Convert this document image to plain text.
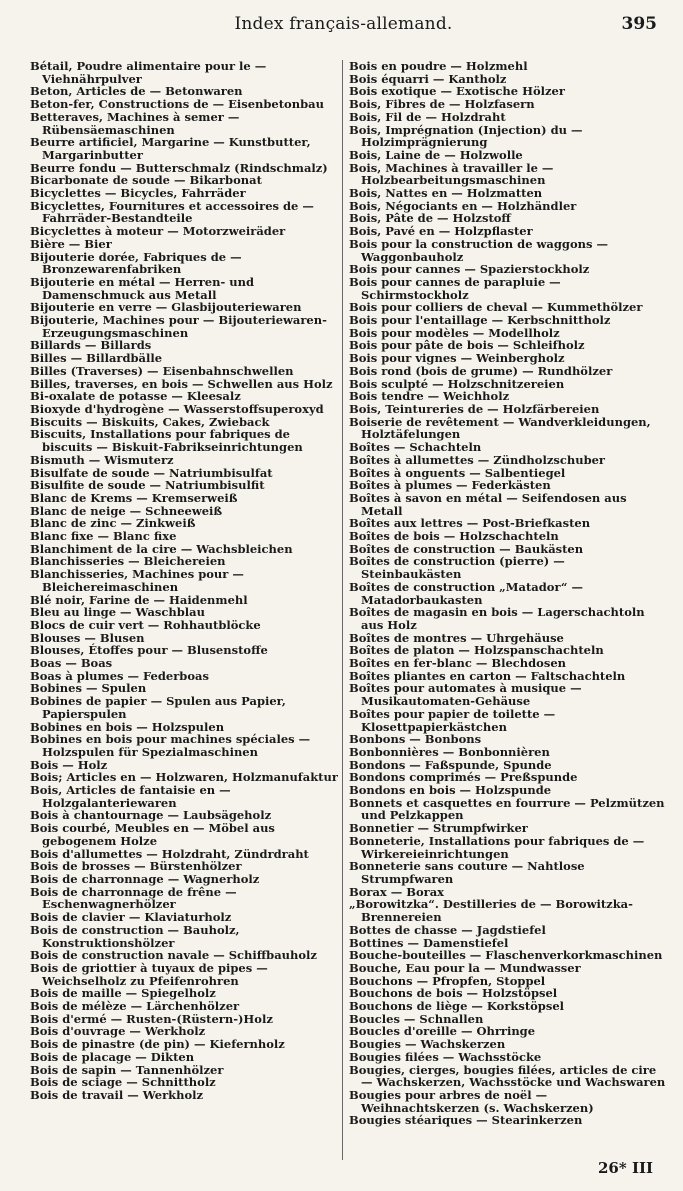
Index français-allemand.	395
Bétail, Poudre alimentaire pour le — Viehnährpulver
Beton, Articles de — Betonwaren
Beton-fer, Constructions de — Eisenbetonbau
Betteraves, Machines à semer — Rübensäemaschinen
Beurre artificiel, Margarine — Kunstbutter, Margarinbutter
Beurre fondu — Butterschmalz (Rindschmalz)
Bicarbonate de soude — Bikarbonat
Bicyclettes — Bicycles, Fahrräder
Bicyclettes, Fournitures et accessoires de — Fahrräder-Bestandteile
Bicyclettes à moteur — Motorzweiräder
Bière — Bier
Bijouterie dorée, Fabriques de — Bronzewarenfabriken
Bijouterie en métal — Herren- und Damenschmuck aus Metall
Bijouterie en verre — Glasbijouteriewaren
Bijouterie, Machines pour — Bijouteriewaren-Erzeugungsmaschinen
Billards — Billards
Billes — Billardbälle
Billes (Traverses) — Eisenbahnschwellen
Billes, traverses, en bois — Schwellen aus Holz
Bi-oxalate de potasse — Kleesalz
Bioxyde d'hydrogène — Wasserstoffsuperoxyd
Biscuits — Biskuits, Cakes, Zwieback
Biscuits, Installations pour fabriques de biscuits — Biskuit-Fabrikseinrichtungen
Bismuth — Wismuterz
Bisulfate de soude — Natriumbisulfat
Bisulfite de soude — Natriumbisulfit
Blanc de Krems — Kremserweiß
Blanc de neige — Schneeweiß
Blanc de zinc — Zinkweiß
Blanc fixe — Blanc fixe
Blanchiment de la cire — Wachsbleichen
Blanchisseries — Bleichereien
Blanchisseries, Machines pour — Bleichereimaschinen
Blé noir, Farine de — Haidenmehl
Bleu au linge — Waschblau
Blocs de cuir vert — Rohhautblöcke
Blouses — Blusen
Blouses, Étoffes pour — Blusenstoffe
Boas — Boas
Boas à plumes — Federboas
Bobines — Spulen
Bobines de papier — Spulen aus Papier, Papierspulen
Bobines en bois — Holzspulen
Bobines en bois pour machines spéciales — Holzspulen für Spezialmaschinen
Bois — Holz
Bois; Articles en — Holzwaren, Holzmanufaktur
Bois, Articles de fantaisie en — Holzgalanteriewaren
Bois à chantournage — Laubsägeholz
Bois courbé, Meubles en — Möbel aus gebogenem Holze
Bois d'allumettes — Holzdraht, Zündrdraht
Bois de brosses — Bürstenhölzer
Bois de charronnage — Wagnerholz
Bois de charronnage de frêne — Eschenwagnerhölzer
Bois de clavier — Klaviaturholz
Bois de construction — Bauholz, Konstruktionshölzer
Bois de construction navale — Schiffbauholz
Bois de griottier à tuyaux de pipes — Weichselholz zu Pfeifenrohren
Bois de maille — Spiegelholz
Bois de mélèze — Lärchenhölzer
Bois d'ermé — Rusten-(Rüstern-)Holz
Bois d'ouvrage — Werkholz
Bois de pinastre (de pin) — Kiefernholz
Bois de placage — Dikten
Bois de sapin — Tannenhölzer
Bois de sciage — Schnittholz
Bois de travail — Werkholz
Bois en poudre — Holzmehl
Bois équarri — Kantholz
Bois exotique — Exotische Hölzer
Bois, Fibres de — Holzfasern
Bois, Fil de — Holzdraht
Bois, Imprégnation (Injection) du — Holzimprägnierung
Bois, Laine de — Holzwolle
Bois, Machines à travailler le — Holzbearbeitungsmaschinen
Bois, Nattes en — Holzmatten
Bois, Négociants en — Holzhändler
Bois, Pâte de — Holzstoff
Bois, Pavé en — Holzpflaster
Bois pour la construction de waggons — Waggonbauholz
Bois pour cannes — Spazierstockholz
Bois pour cannes de parapluie — Schirmstockholz
Bois pour colliers de cheval — Kummethölzer
Bois pour l'entaillage — Kerbschnittholz
Bois pour modèles — Modellholz
Bois pour pâte de bois — Schleifholz
Bois pour vignes — Weinbergholz
Bois rond (bois de grume) — Rundhölzer
Bois sculpté — Holzschnitzereien
Bois tendre — Weichholz
Bois, Teintureries de — Holzfärbereien
Boiserie de revêtement — Wandverkleidungen, Holztäfelungen
Boîtes — Schachteln
Boîtes à allumettes — Zündholzschuber
Boîtes à onguents — Salbentiegel
Boîtes à plumes — Federkästen
Boîtes à savon en métal — Seifendosen aus Metall
Boîtes aux lettres — Post-Briefkasten
Boîtes de bois — Holzschachteln
Boîtes de construction — Baukästen
Boîtes de construction (pierre) — Steinbaukästen
Boîtes de construction „Matador“ — Matadorbaukasten
Boîtes de magasin en bois — Lagerschachtoln aus Holz
Boîtes de montres — Uhrgehäuse
Boîtes de platon — Holzspanschachteln
Boîtes en fer-blanc — Blechdosen
Boîtes pliantes en carton — Faltschachteln
Boîtes pour automates à musique — Musikautomaten-Gehäuse
Boîtes pour papier de toilette — Klosettpapierkästchen
Bonbons — Bonbons
Bonbonnières — Bonbonnièren
Bondons — Faßspunde, Spunde
Bondons comprimés — Preßspunde
Bondons en bois — Holzspunde
Bonnets et casquettes en fourrure — Pelzmützen und Pelzkappen
Bonnetier — Strumpfwirker
Bonneterie, Installations pour fabriques de — Wirkereieinrichtungen
Bonneterie sans couture — Nahtlose Strumpfwaren
Borax — Borax
„Borowitzka“. Destilleries de — Borowitzka-Brennereien
Bottes de chasse — Jagdstiefel
Bottines — Damenstiefel
Bouche-bouteilles — Flaschenverkorkmaschinen
Bouche, Eau pour la — Mundwasser
Bouchons — Pfropfen, Stoppel
Bouchons de bois — Holzstöpsel
Bouchons de liège — Korkstöpsel
Boucles — Schnallen
Boucles d'oreille — Ohrringe
Bougies — Wachskerzen
Bougies filées — Wachsstöcke
Bougies, cierges, bougies filées, articles de cire — Wachskerzen, Wachsstöcke und Wachswaren
Bougies pour arbres de noël — Weihnachtskerzen (s. Wachskerzen)
Bougies stéariques — Stearinkerzen
26* III
